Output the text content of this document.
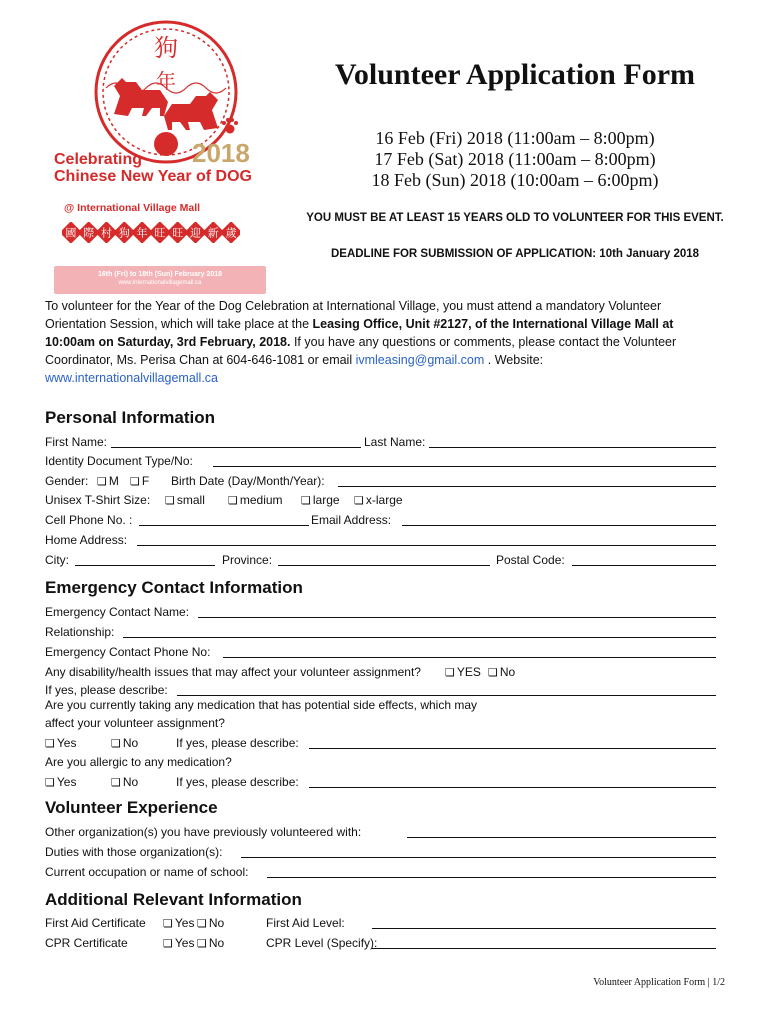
狗
年
Celebrating 2018
Chinese New Year of DOG
@ International Village Mall
國 際 村 狗 年 旺 旺 迎 新 歲
16th (Fri) to 18th (Sun) February 2018
www.internationalvillagemall.ca
Volunteer Application Form
16 Feb (Fri) 2018 (11:00am – 8:00pm)
17 Feb (Sat) 2018 (11:00am – 8:00pm)
18 Feb (Sun) 2018 (10:00am – 6:00pm)
YOU MUST BE AT LEAST 15 YEARS OLD TO VOLUNTEER FOR THIS EVENT.
DEADLINE FOR SUBMISSION OF APPLICATION: 10th January 2018
To volunteer for the Year of the Dog Celebration at International Village, you must attend a mandatory Volunteer Orientation Session, which will take place at the Leasing Office, Unit #2127, of the International Village Mall at 10:00am on Saturday, 3rd February, 2018. If you have any questions or comments, please contact the Volunteer Coordinator, Ms. Perisa Chan at 604-646-1081 or email ivmleasing@gmail.com . Website:
www.internationalvillagemall.ca
Personal Information
First Name:	Last Name:
Identity Document Type/No:
Gender:	❏ M	❏ F Birth Date (Day/Month/Year):
Unisex T-Shirt Size:	❏ small	❏ medium	❏ large	❏ x-large
Cell Phone No. :	Email Address:
Home Address:
City:	Province:	Postal Code:
Emergency Contact Information
Emergency Contact Name:
Relationship:
Emergency Contact Phone No:
Any disability/health issues that may affect your volunteer assignment?	❏ YES	❏ No
If yes, please describe:
Are you currently taking any medication that has potential side effects, which may
affect your volunteer assignment?
❏ Yes	❏ No	If yes, please describe:
Are you allergic to any medication?
❏ Yes	❏ No	If yes, please describe:
Volunteer Experience
Other organization(s) you have previously volunteered with:
Duties with those organization(s):
Current occupation or name of school:
Additional Relevant Information
First Aid Certificate	❏ Yes	❏ No	First Aid Level:
CPR Certificate	❏ Yes	❏ No	CPR Level (Specify):
Volunteer Application Form | 1/2
